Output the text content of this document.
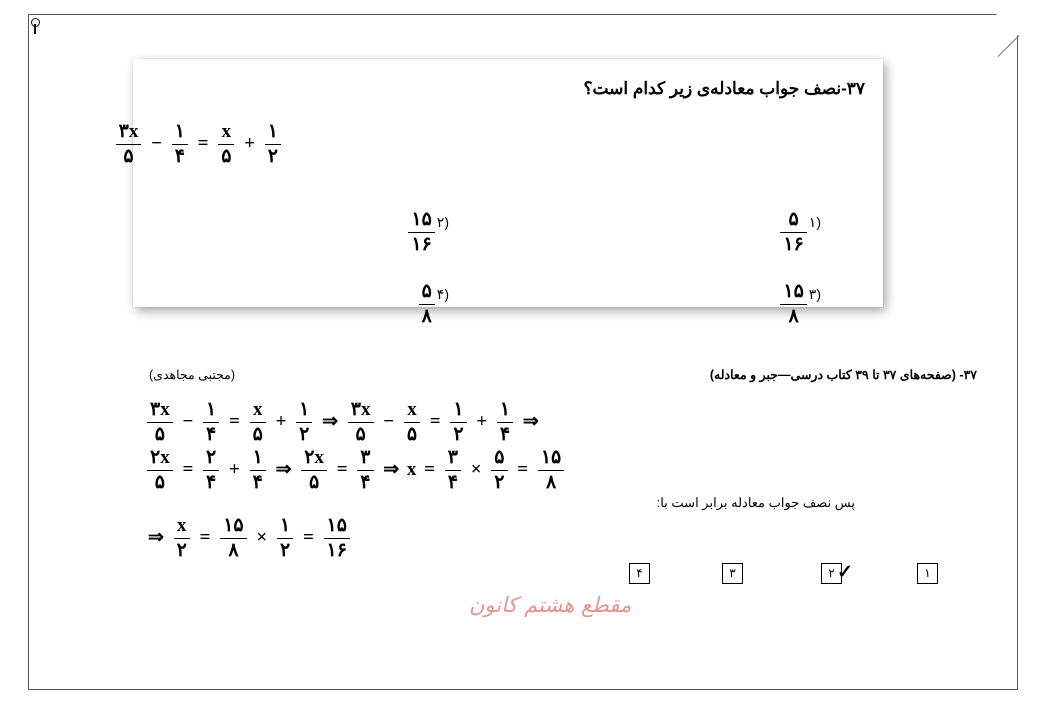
۳۷-نصف جواب معادله‌ی زیر کدام است؟
$\frac{۳x}{۵} - \frac{۱}{۴} = \frac{x}{۵} + \frac{۱}{۲}$
(۱
$\frac{۵}{۱۶}$
(۲
$\frac{۱۵}{۱۶}$
(۳
$\frac{۱۵}{۸}$
(۴
$\frac{۵}{۸}$
۳۷- (صفحه‌های ۳۷ تا ۳۹ کتاب درسی—جبر و معادله)
(مجتبی مجاهدی)
$\frac{۳x}{۵} - \frac{۱}{۴} = \frac{x}{۵} + \frac{۱}{۲}$ ⇒ $\frac{۳x}{۵} - \frac{x}{۵} = \frac{۱}{۲} + \frac{۱}{۴}$ ⇒
$\frac{۲x}{۵} = \frac{۲}{۴} + \frac{۱}{۴}$ ⇒ $\frac{۲x}{۵} = \frac{۳}{۴}$ ⇒ $x = \frac{۳}{۴} \times \frac{۵}{۲} = \frac{۱۵}{۸}$
⇒ $\frac{x}{۲} = \frac{۱۵}{۸} \times \frac{۱}{۲} = \frac{۱۵}{۱۶}$
پس نصف جواب معادله برابر است با:
۱
۲
۳
۴	✓
مقطع هشتم کانون
